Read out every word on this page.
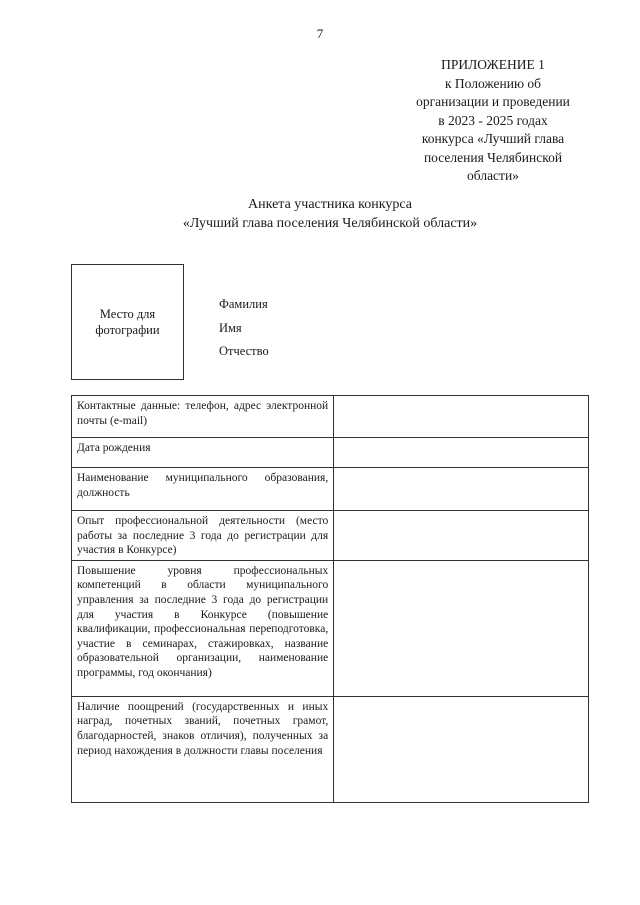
7
ПРИЛОЖЕНИЕ 1
к Положению об
организации и проведении
в 2023 - 2025 годах
конкурса «Лучший глава
поселения Челябинской
области»
Анкета участника конкурса
«Лучший глава поселения Челябинской области»
Место для
фотографии
Фамилия
Имя
Отчество
Контактные данные: телефон, адрес электронной почты (e-mail)	
Дата рождения	
Наименование муниципального образования, должность	
Опыт профессиональной деятельности (место работы за последние 3 года до регистрации для участия в Конкурсе)	
Повышение уровня профессиональных компетенций в области муниципального управления за последние 3 года до регистрации для участия в Конкурсе (повышение квалификации, профессиональная переподготовка, участие в семинарах, стажировках, название образовательной организации, наименование программы, год окончания)	
Наличие поощрений (государственных и иных наград, почетных званий, почетных грамот, благодарностей, знаков отличия), полученных за период нахождения в должности главы поселения	
